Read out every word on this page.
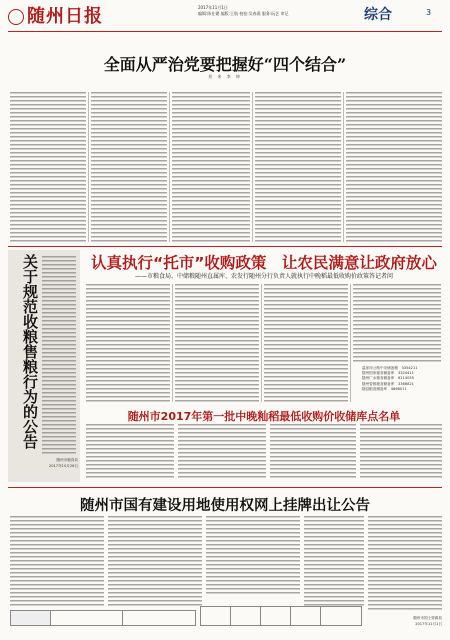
随州日报	2017年11月1日
编辑:陈仕繁 编版:王航 校检:吴春燕 服务:阮艺 审记	综合	3
全面从严治党要把握好“四个结合”
刘 来 李 坤
关于规范收粮售粮行为的公告
随州市粮食局
2017年10月26日
认真执行“托市”收购政策　让农民满意让政府放心
——市粮食局、中储粮随州直属库、农发行随州分行负责人就执行中晚稻最低收购价政策答记者问
温家冲公路中央储备粮　 3354211
随州国家粮食储备库　 3324411
随州广水粮食储备库　 6214055
随州曾都粮食储备库　 3366821
随县粮食储备库　 4866011
随州市2017年第一批中晚籼稻最低收购价收储库点名单
随州市国有建设用地使用权网上挂牌出让公告
随州市国土资源局
2017年11月1日
